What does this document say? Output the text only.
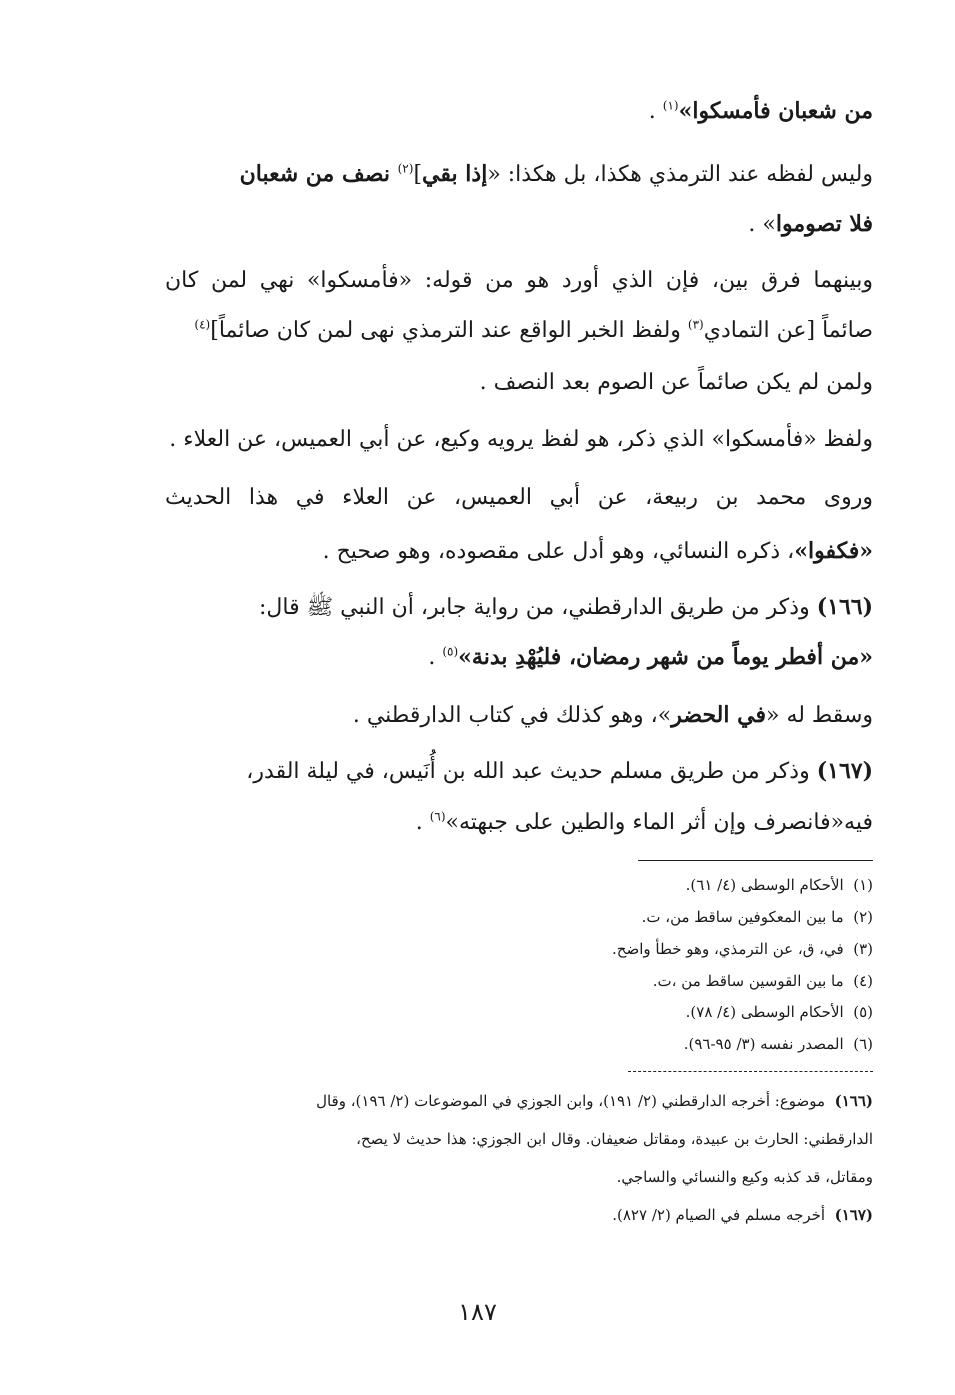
من شعبان فأمسكوا»$^{(١)}$ .
وليس لفظه عند الترمذي هكذا، بل هكذا: «إذا بقي]$^{(٢)}$ نصف من شعبان
فلا تصوموا» .
وبينهما فرق بين، فإن الذي أورد هو من قوله: «فأمسكوا» نهي لمن كان
صائماً [عن التمادي$^{(٣)}$ ولفظ الخبر الواقع عند الترمذي نهى لمن كان صائماً]$^{(٤)}$
ولمن لم يكن صائماً عن الصوم بعد النصف .
ولفظ «فأمسكوا» الذي ذكر، هو لفظ يرويه وكيع، عن أبي العميس، عن العلاء .
وروى محمد بن ربيعة، عن أبي العميس، عن العلاء في هذا الحديث
«فكفوا»، ذكره النسائي، وهو أدل على مقصوده، وهو صحيح .
(١٦٦) وذكر من طريق الدارقطني، من رواية جابر، أن النبي ﷺ قال:
«من أفطر يوماً من شهر رمضان، فليُهْدِ بدنة»$^{(٥)}$ .
وسقط له «في الحضر»، وهو كذلك في كتاب الدارقطني .
(١٦٧) وذكر من طريق مسلم حديث عبد الله بن أُنَيس، في ليلة القدر،
فيه«فانصرف وإن أثر الماء والطين على جبهته»$^{(٦)}$ .
(١)  الأحكام الوسطى (٤/ ٦١).
(٢)  ما بين المعكوفين ساقط من، ت.
(٣)  في، ق، عن الترمذي، وهو خطأ واضح.
(٤)  ما بين القوسين ساقط من ،ت.
(٥)  الأحكام الوسطى (٤/ ٧٨).
(٦)  المصدر نفسه (٣/ ٩٥-٩٦).
(١٦٦)  موضوع: أخرجه الدارقطني (٢/ ١٩١)، وابن الجوزي في الموضوعات (٢/ ١٩٦)، وقال
الدارقطني: الحارث بن عبيدة، ومقاتل ضعيفان. وقال ابن الجوزي: هذا حديث لا يصح،
ومقاتل، قد كذبه وكيع والنسائي والساجي.
(١٦٧)  أخرجه مسلم في الصيام (٢/ ٨٢٧).
١٨٧
